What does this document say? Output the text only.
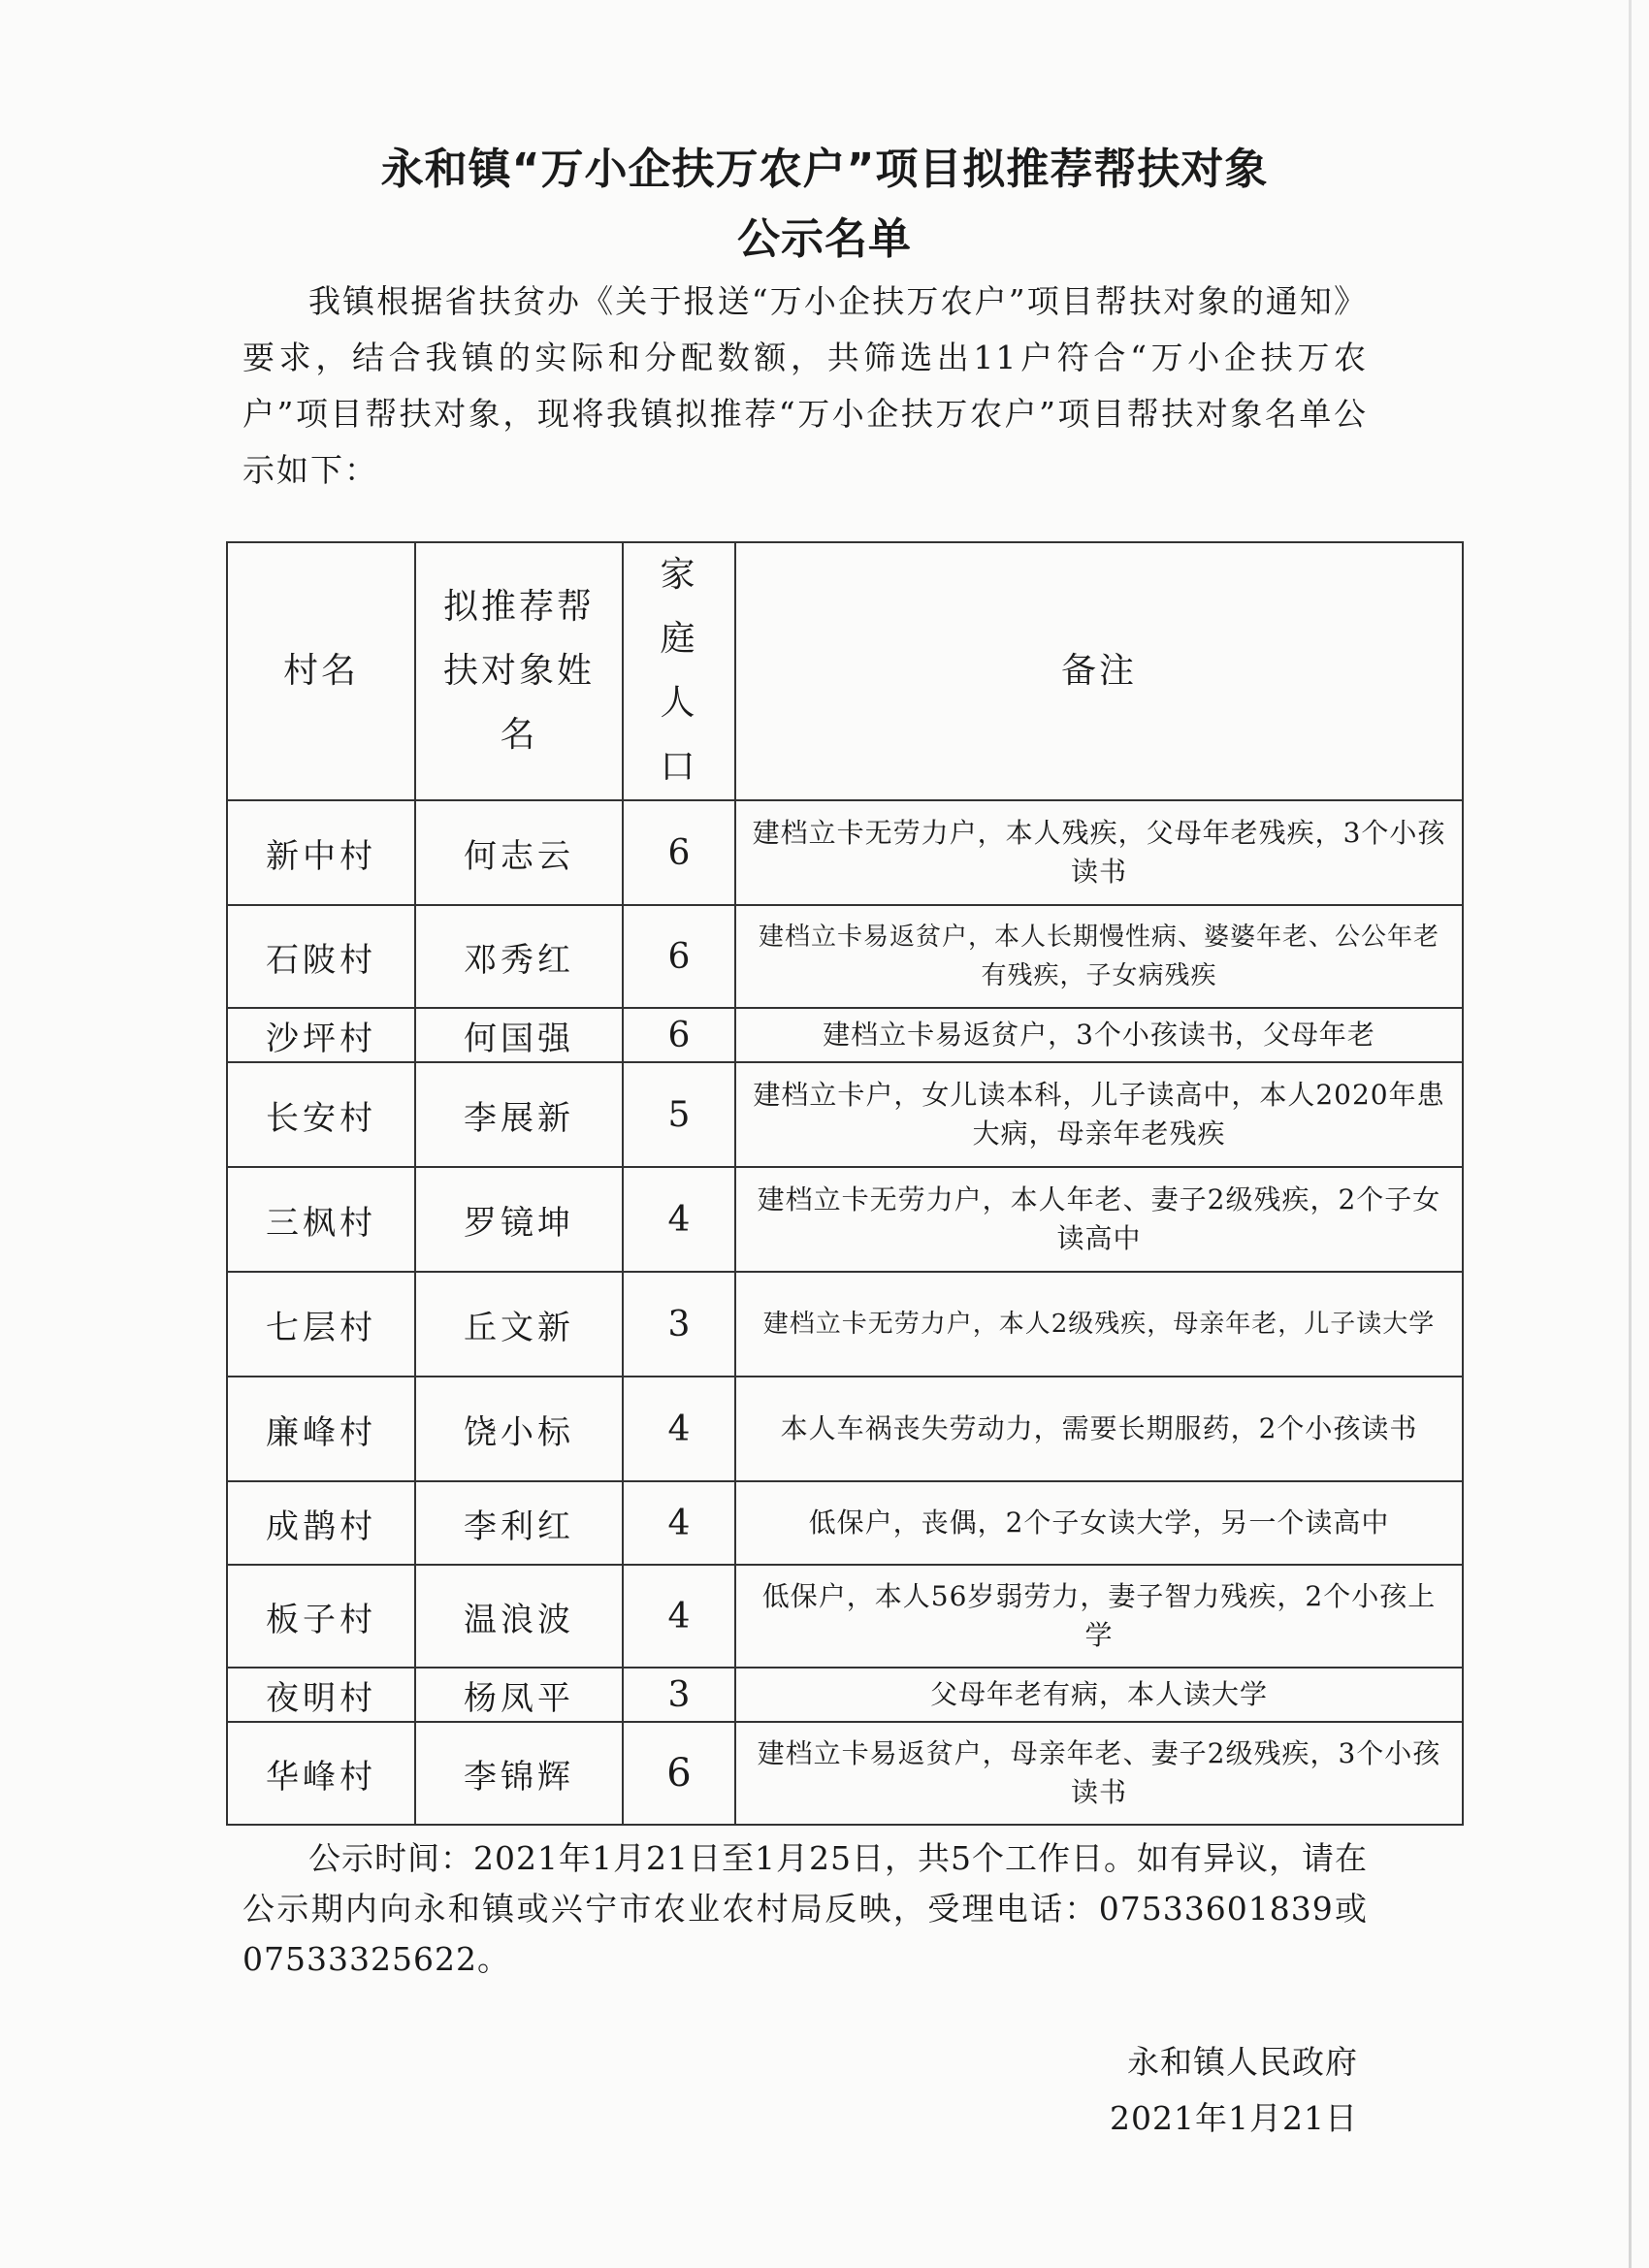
永和镇“万小企扶万农户”项目拟推荐帮扶对象
公示名单
我镇根据省扶贫办《关于报送“万小企扶万农户”项目帮扶对象的通知》要求，结合我镇的实际和分配数额，共筛选出11户符合“万小企扶万农户”项目帮扶对象，现将我镇拟推荐“万小企扶万农户”项目帮扶对象名单公示如下：
村名	拟推荐帮扶对象姓名	家庭人口	备注
新中村	何志云	6	建档立卡无劳力户，本人残疾，父母年老残疾，3个小孩读书
石陂村	邓秀红	6	建档立卡易返贫户，本人长期慢性病、婆婆年老、公公年老有残疾，子女病残疾
沙坪村	何国强	6	建档立卡易返贫户，3个小孩读书，父母年老
长安村	李展新	5	建档立卡户，女儿读本科，儿子读高中，本人2020年患大病，母亲年老残疾
三枫村	罗镜坤	4	建档立卡无劳力户，本人年老、妻子2级残疾，2个子女读高中
七层村	丘文新	3	建档立卡无劳力户，本人2级残疾，母亲年老，儿子读大学
廉峰村	饶小标	4	本人车祸丧失劳动力，需要长期服药，2个小孩读书
成鹊村	李利红	4	低保户，丧偶，2个子女读大学，另一个读高中
板子村	温浪波	4	低保户，本人56岁弱劳力，妻子智力残疾，2个小孩上学
夜明村	杨凤平	3	父母年老有病，本人读大学
华峰村	李锦辉	6	建档立卡易返贫户，母亲年老、妻子2级残疾，3个小孩读书
公示时间：2021年1月21日至1月25日，共5个工作日。如有异议，请在公示期内向永和镇或兴宁市农业农村局反映，受理电话：07533601839或07533325622。
永和镇人民政府
2021年1月21日
